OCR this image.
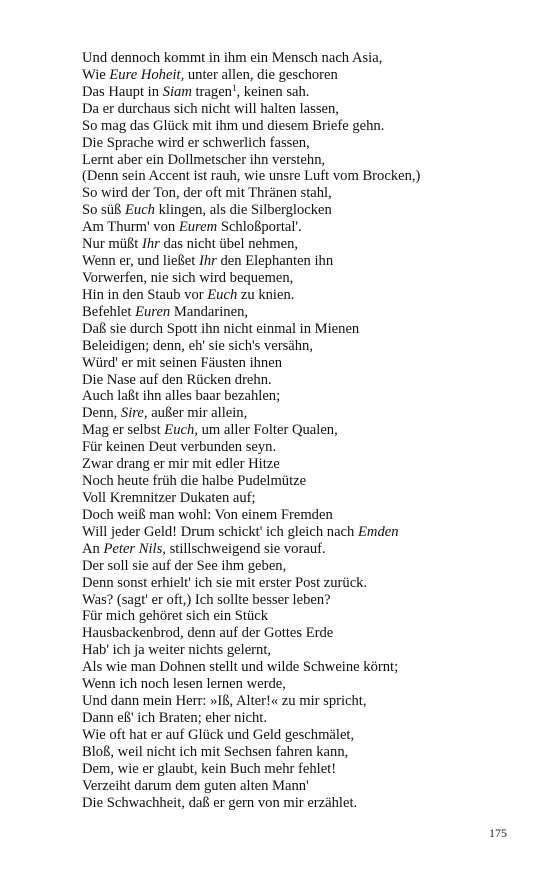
Und dennoch kommt in ihm ein Mensch nach Asia,
Wie Eure Hoheit, unter allen, die geschoren
Das Haupt in Siam tragen$^1$, keinen sah.
Da er durchaus sich nicht will halten lassen,
So mag das Glück mit ihm und diesem Briefe gehn.
Die Sprache wird er schwerlich fassen,
Lernt aber ein Dollmetscher ihn verstehn,
(Denn sein Accent ist rauh, wie unsre Luft vom Brocken,)
So wird der Ton, der oft mit Thränen stahl,
So süß Euch klingen, als die Silberglocken
Am Thurm' von Eurem Schloßportal'.
Nur müßt Ihr das nicht übel nehmen,
Wenn er, und ließet Ihr den Elephanten ihn
Vorwerfen, nie sich wird bequemen,
Hin in den Staub vor Euch zu knien.
Befehlet Euren Mandarinen,
Daß sie durch Spott ihn nicht einmal in Mienen
Beleidigen; denn, eh' sie sich's versähn,
Würd' er mit seinen Fäusten ihnen
Die Nase auf den Rücken drehn.
Auch laßt ihn alles baar bezahlen;
Denn, Sire, außer mir allein,
Mag er selbst Euch, um aller Folter Qualen,
Für keinen Deut verbunden seyn.
Zwar drang er mir mit edler Hitze
Noch heute früh die halbe Pudelmütze
Voll Kremnitzer Dukaten auf;
Doch weiß man wohl: Von einem Fremden
Will jeder Geld! Drum schickt' ich gleich nach Emden
An Peter Nils, stillschweigend sie vorauf.
Der soll sie auf der See ihm geben,
Denn sonst erhielt' ich sie mit erster Post zurück.
Was? (sagt' er oft,) Ich sollte besser leben?
Für mich gehöret sich ein Stück
Hausbackenbrod, denn auf der Gottes Erde
Hab' ich ja weiter nichts gelernt,
Als wie man Dohnen stellt und wilde Schweine körnt;
Wenn ich noch lesen lernen werde,
Und dann mein Herr: »Iß, Alter!« zu mir spricht,
Dann eß' ich Braten; eher nicht.
Wie oft hat er auf Glück und Geld geschmälet,
Bloß, weil nicht ich mit Sechsen fahren kann,
Dem, wie er glaubt, kein Buch mehr fehlet!
Verzeiht darum dem guten alten Mann'
Die Schwachheit, daß er gern von mir erzählet.
175
